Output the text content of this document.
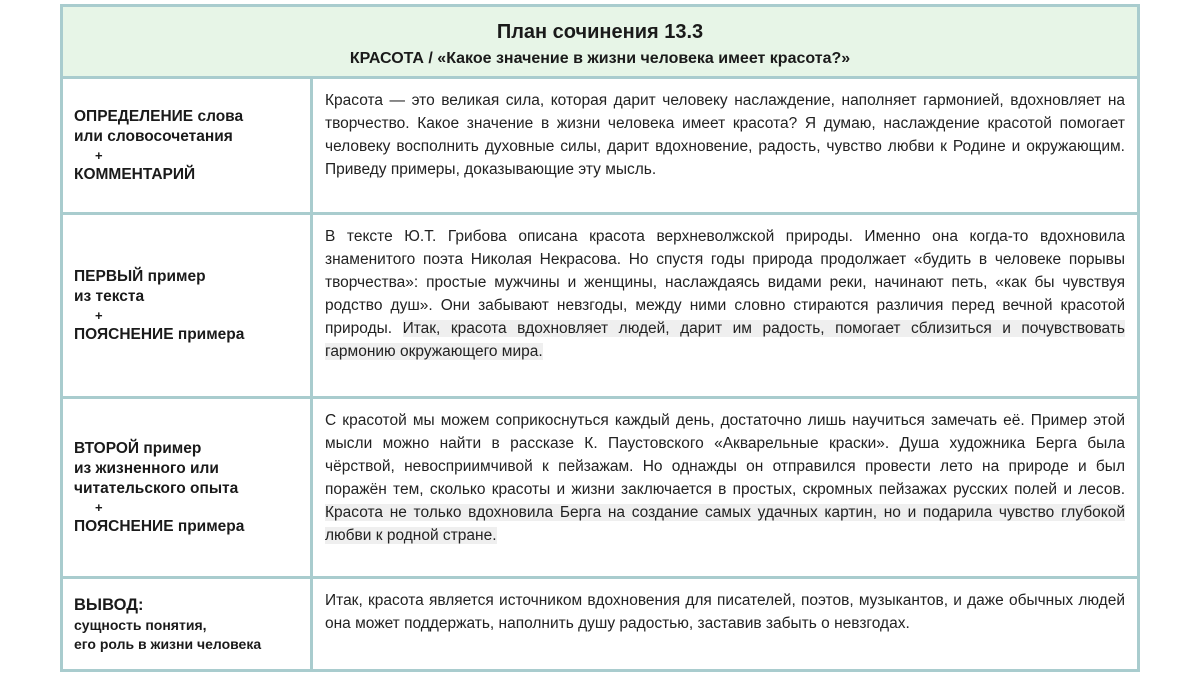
План сочинения 13.3
КРАСОТА / «Какое значение в жизни человека имеет красота?»
ОПРЕДЕЛЕНИЕ слова
или словосочетания
+
КОММЕНТАРИЙ
Красота — это великая сила, которая дарит человеку наслаждение, наполняет гармонией, вдохновляет на творчество. Какое значение в жизни человека имеет красота? Я думаю, наслаждение красотой помогает человеку восполнить духовные силы, дарит вдохновение, радость, чувство любви к Родине и окружающим. Приведу примеры, доказывающие эту мысль.
ПЕРВЫЙ пример
из текста
+
ПОЯСНЕНИЕ примера
В тексте Ю.Т. Грибова описана красота верхневолжской природы. Именно она когда-то вдохновила знаменитого поэта Николая Некрасова. Но спустя годы природа продолжает «будить в человеке порывы творчества»: простые мужчины и женщины, наслаждаясь видами реки, начинают петь, «как бы чувствуя родство душ». Они забывают невзгоды, между ними словно стираются различия перед вечной красотой природы. Итак, красота вдохновляет людей, дарит им радость, помогает сблизиться и почувствовать гармонию окружающего мира.
ВТОРОЙ пример
из жизненного или
читательского опыта
+
ПОЯСНЕНИЕ примера
С красотой мы можем соприкоснуться каждый день, достаточно лишь научиться замечать её. Пример этой мысли можно найти в рассказе К. Паустовского «Акварельные краски». Душа художника Берга была чёрствой, невосприимчивой к пейзажам. Но однажды он отправился провести лето на природе и был поражён тем, сколько красоты и жизни заключается в простых, скромных пейзажах русских полей и лесов. Красота не только вдохновила Берга на создание самых удачных картин, но и подарила чувство глубокой любви к родной стране.
ВЫВОД:
сущность понятия,
его роль в жизни человека
Итак, красота является источником вдохновения для писателей, поэтов, музыкантов, и даже обычных людей она может поддержать, наполнить душу радостью, заставив забыть о невзгодах.
